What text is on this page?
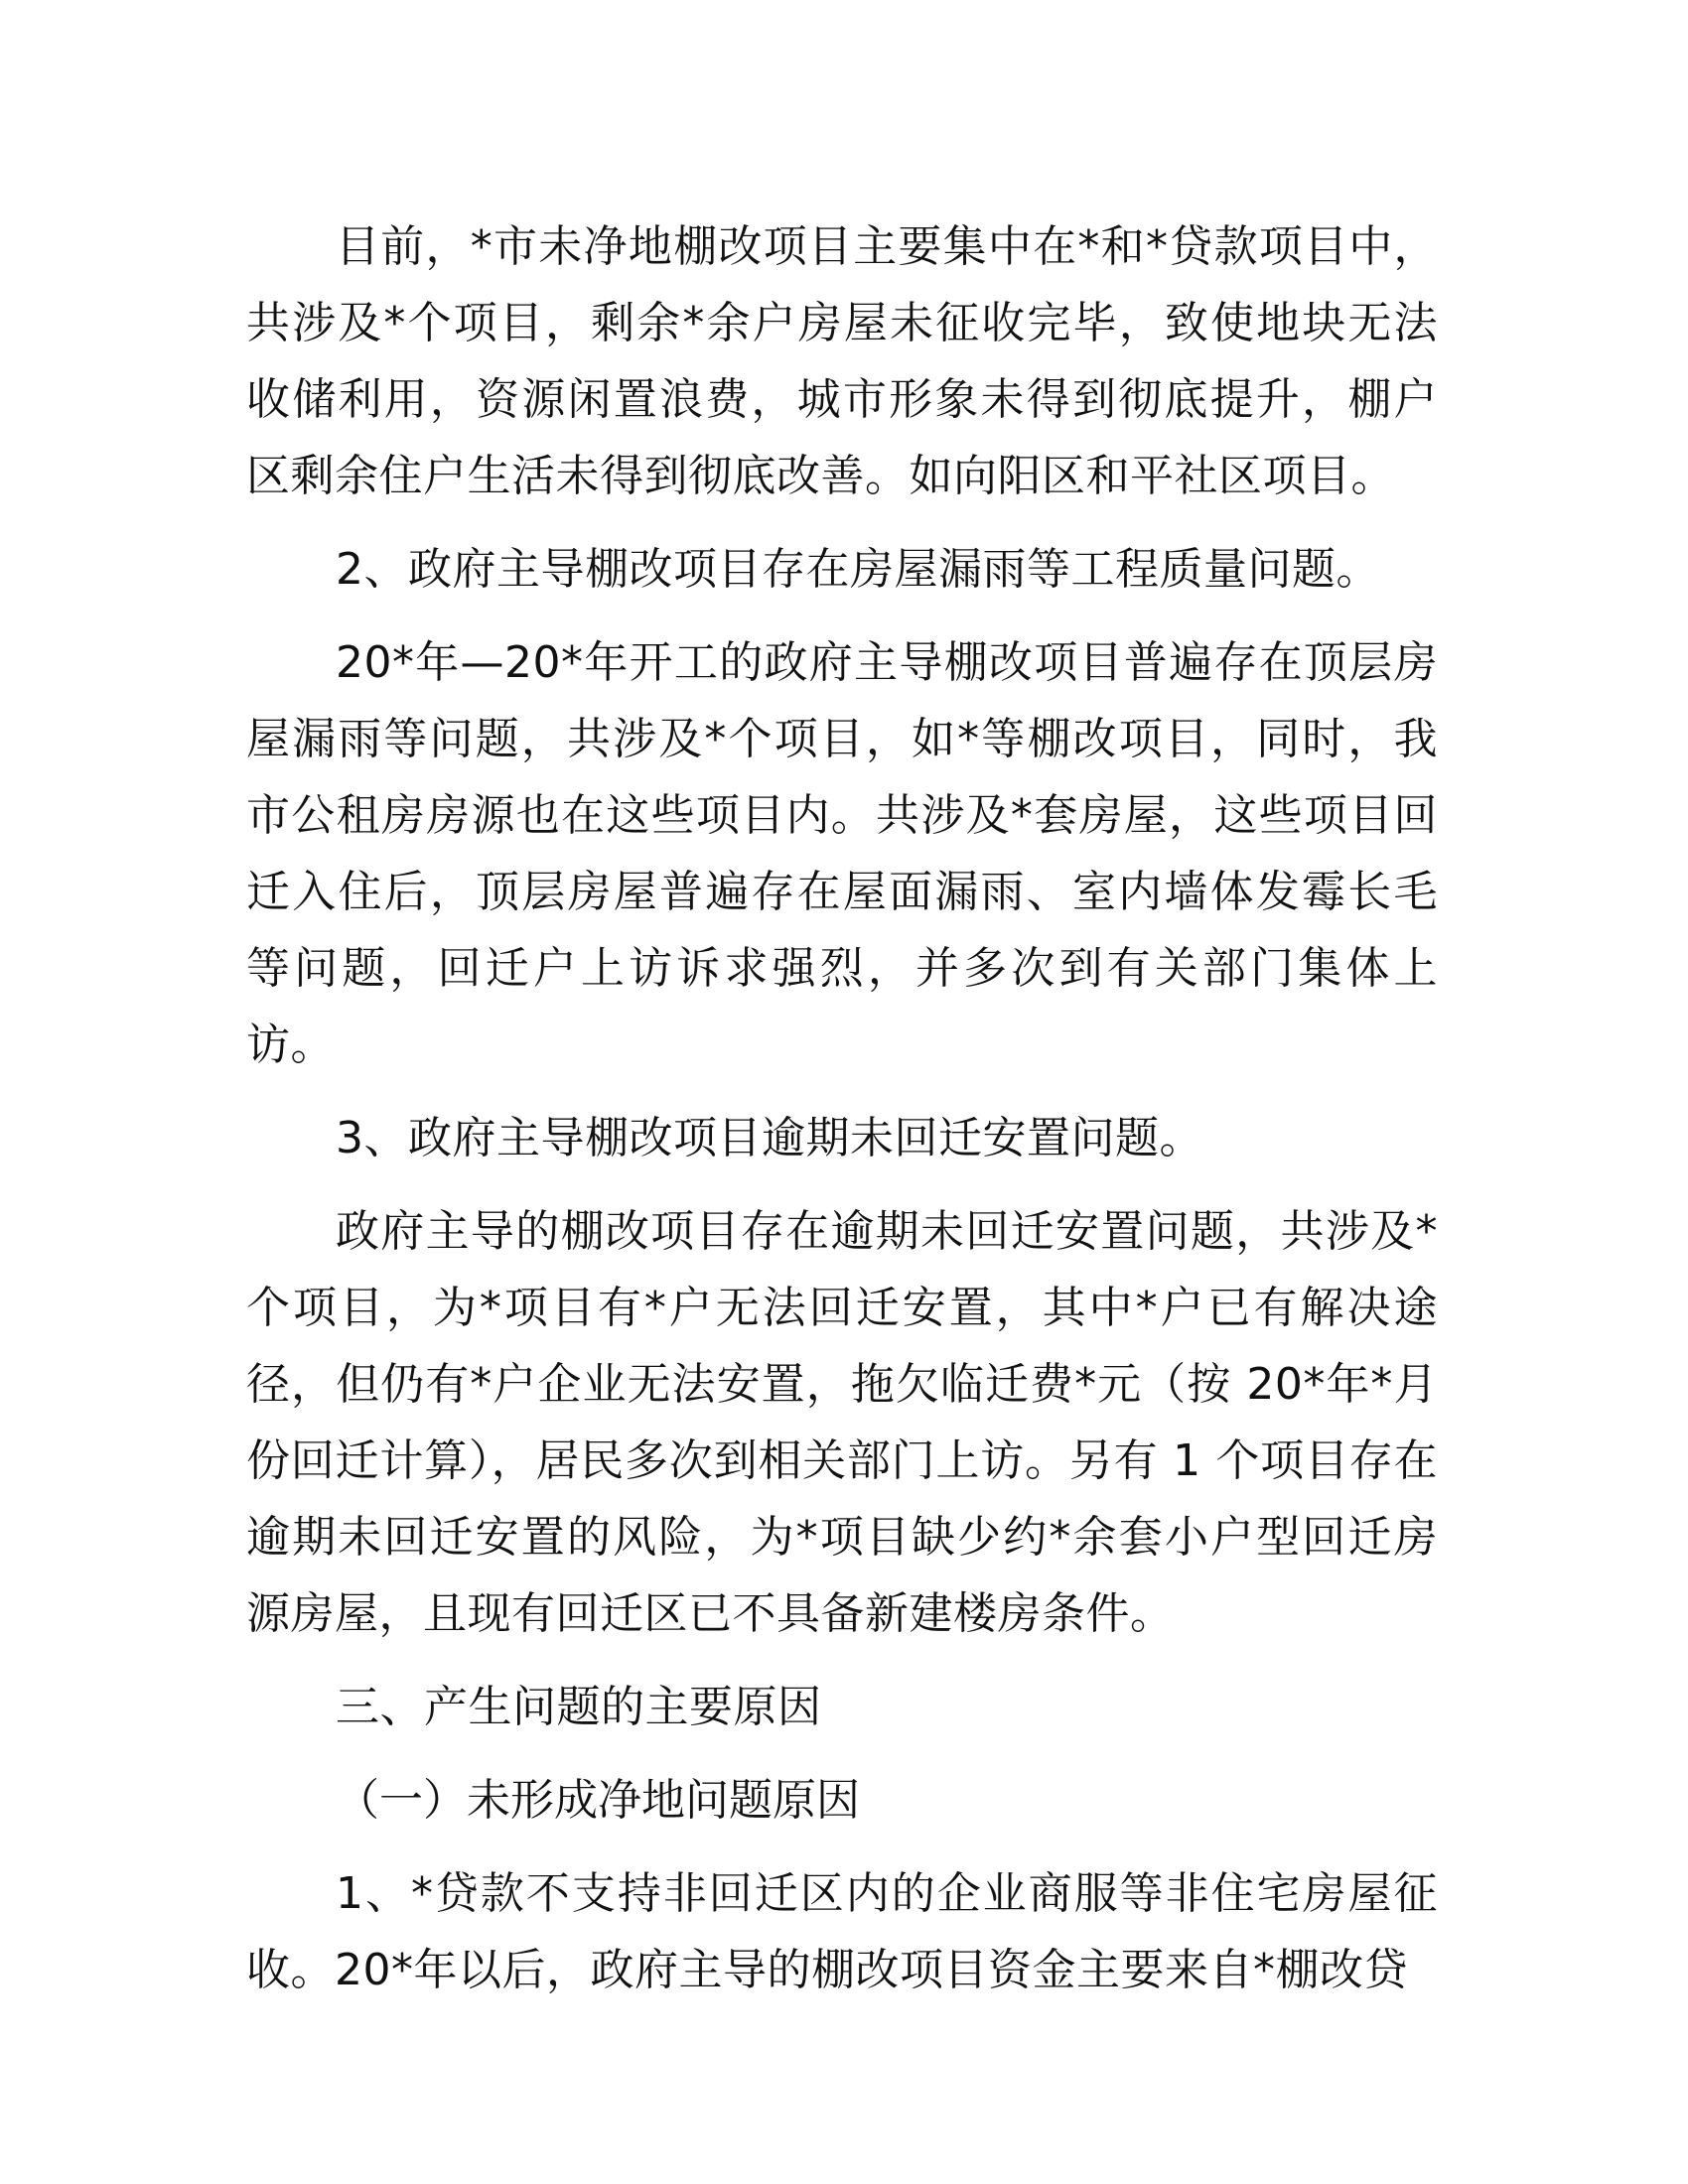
目前，*市未净地棚改项目主要集中在*和*贷款项目中，共涉及*个项目，剩余*余户房屋未征收完毕，致使地块无法收储利用，资源闲置浪费，城市形象未得到彻底提升，棚户区剩余住户生活未得到彻底改善。如向阳区和平社区项目。

2、政府主导棚改项目存在房屋漏雨等工程质量问题。

20*年—20*年开工的政府主导棚改项目普遍存在顶层房屋漏雨等问题，共涉及*个项目，如*等棚改项目，同时，我市公租房房源也在这些项目内。共涉及*套房屋，这些项目回迁入住后，顶层房屋普遍存在屋面漏雨、室内墙体发霉长毛等问题，回迁户上访诉求强烈，并多次到有关部门集体上访。

3、政府主导棚改项目逾期未回迁安置问题。

政府主导的棚改项目存在逾期未回迁安置问题，共涉及*个项目，为*项目有*户无法回迁安置，其中*户已有解决途径，但仍有*户企业无法安置，拖欠临迁费*元（按 20*年*月份回迁计算），居民多次到相关部门上访。另有 1 个项目存在逾期未回迁安置的风险，为*项目缺少约*余套小户型回迁房源房屋，且现有回迁区已不具备新建楼房条件。

三、产生问题的主要原因

（一）未形成净地问题原因

1、*贷款不支持非回迁区内的企业商服等非住宅房屋征收。20*年以后，政府主导的棚改项目资金主要来自*棚改贷
